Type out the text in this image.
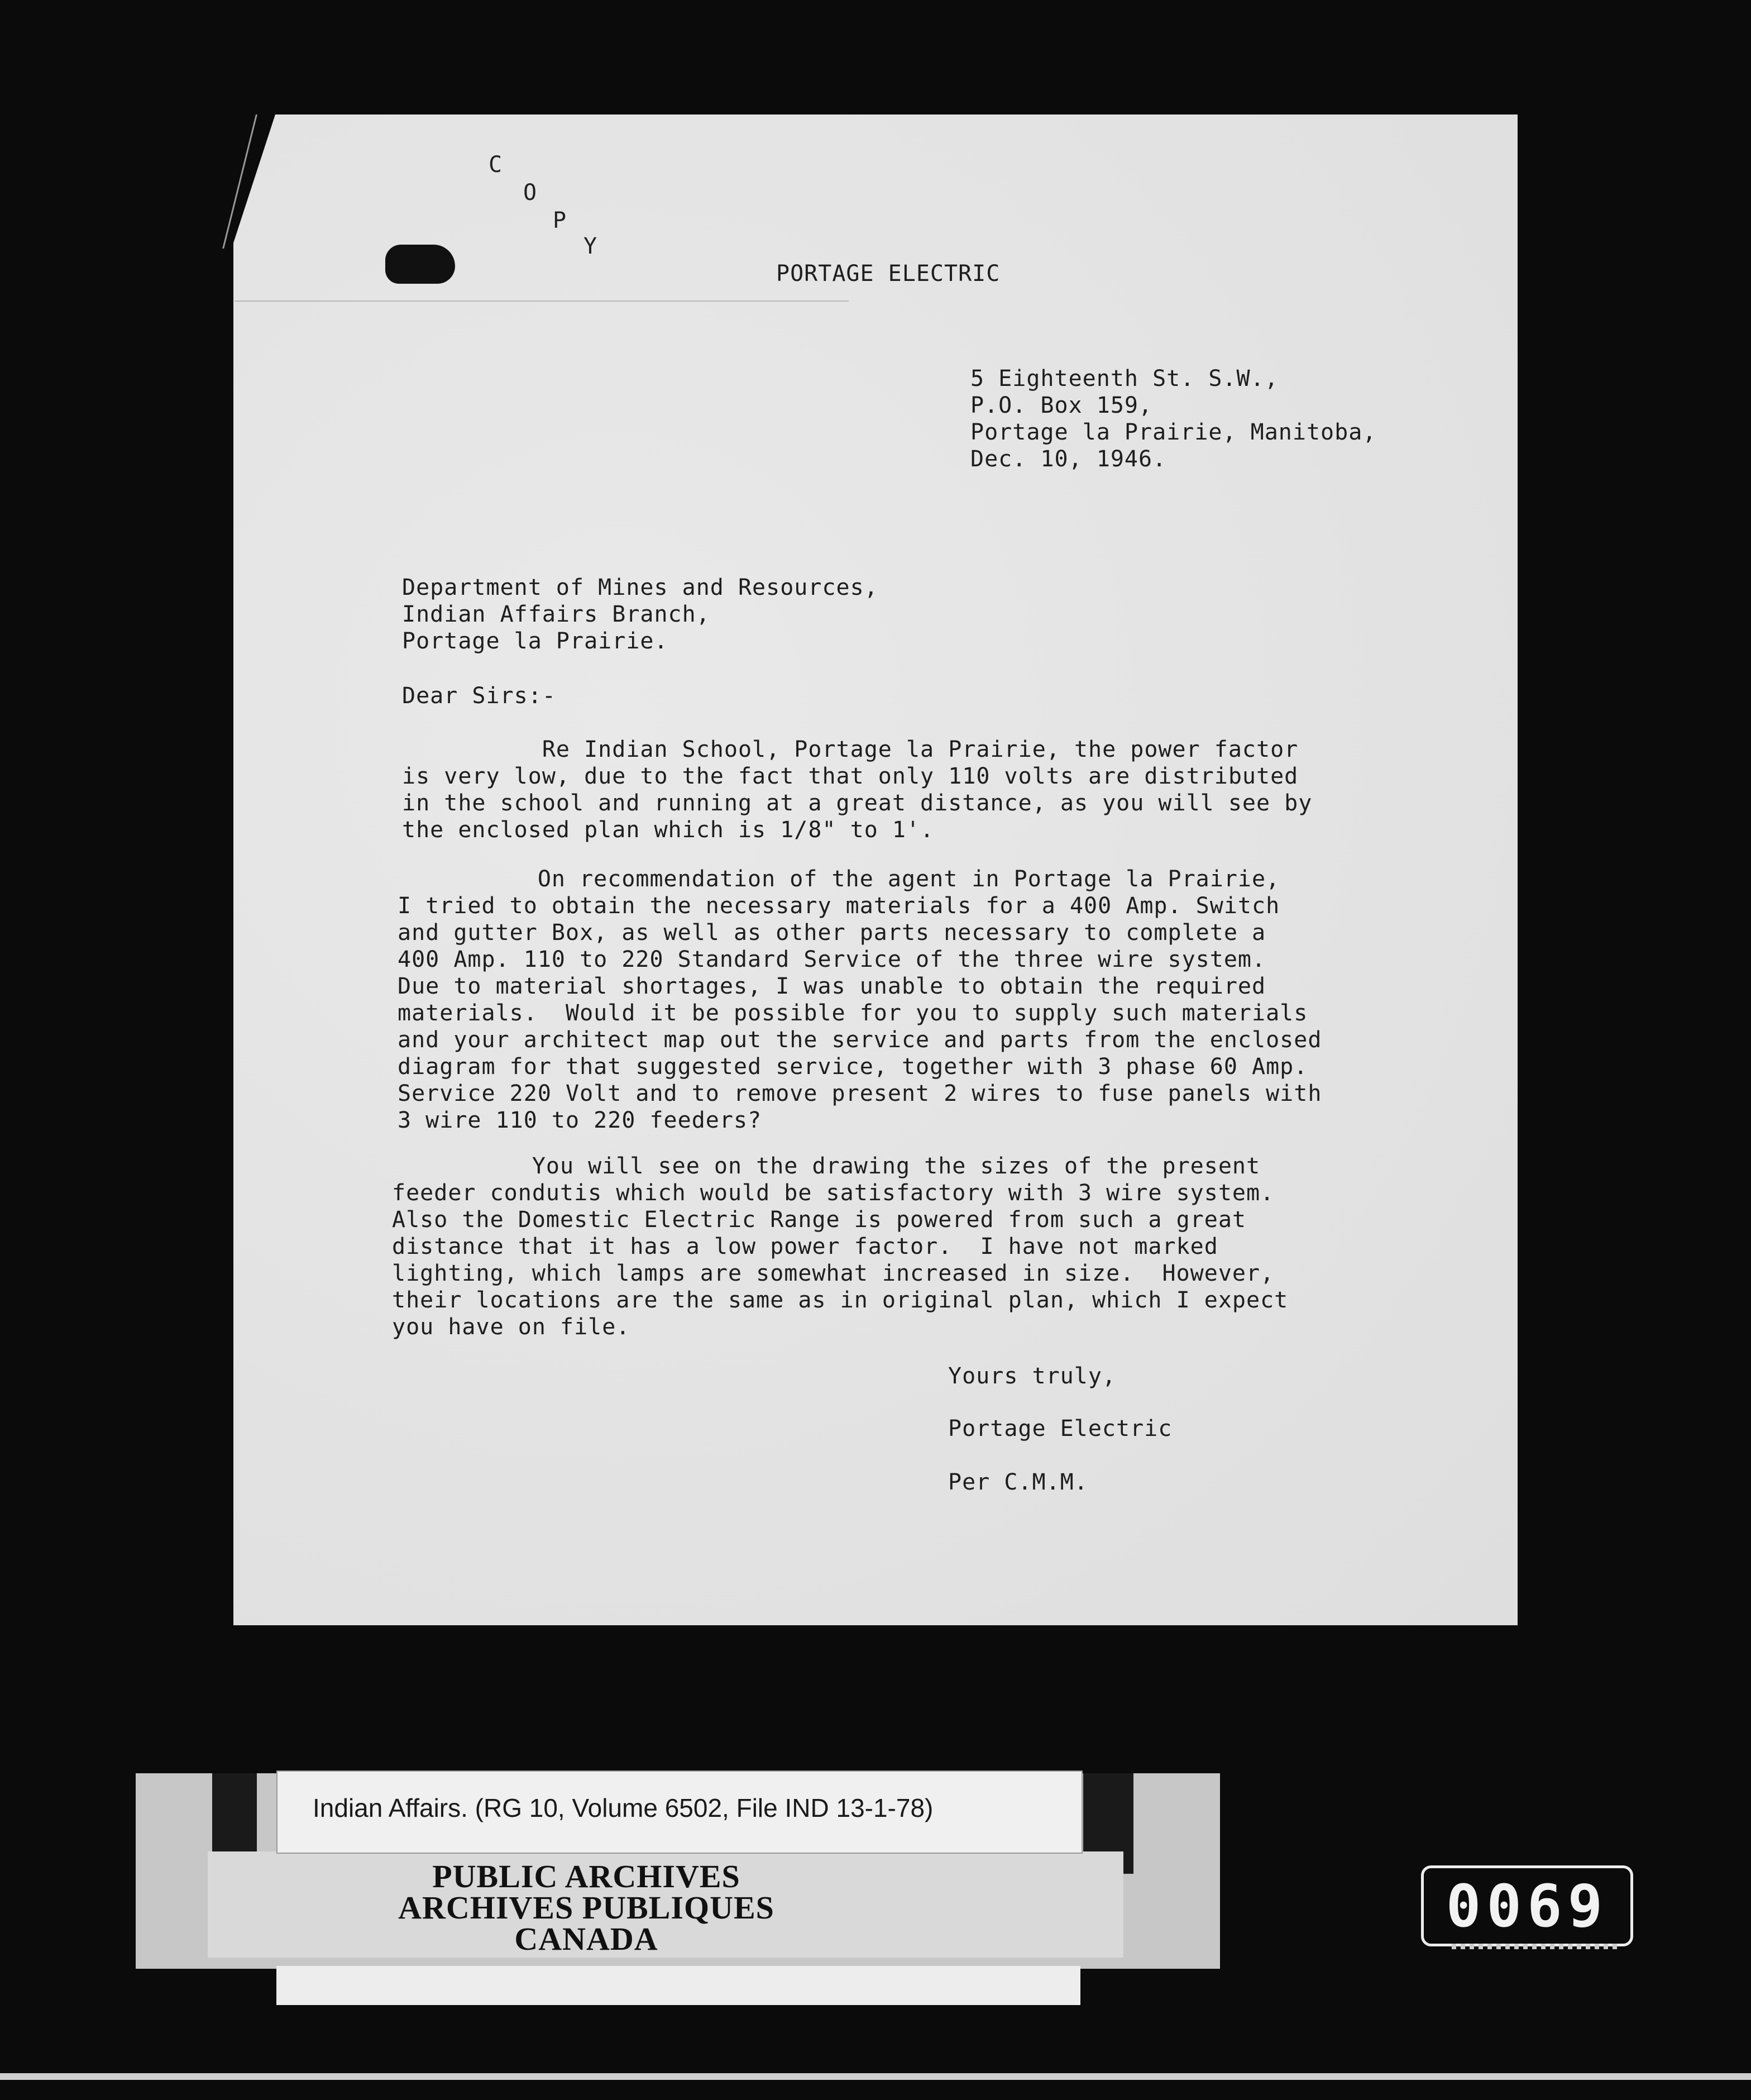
C
O
P
Y
PORTAGE ELECTRIC
5 Eighteenth St. S.W.,
P.O. Box 159,
Portage la Prairie, Manitoba,
Dec. 10, 1946.
Department of Mines and Resources,
Indian Affairs Branch,
Portage la Prairie.
Dear Sirs:-
Re Indian School, Portage la Prairie, the power factor
is very low, due to the fact that only 110 volts are distributed
in the school and running at a great distance, as you will see by
the enclosed plan which is 1/8" to 1'.
On recommendation of the agent in Portage la Prairie,
I tried to obtain the necessary materials for a 400 Amp. Switch
and gutter Box, as well as other parts necessary to complete a
400 Amp. 110 to 220 Standard Service of the three wire system.
Due to material shortages, I was unable to obtain the required
materials.  Would it be possible for you to supply such materials
and your architect map out the service and parts from the enclosed
diagram for that suggested service, together with 3 phase 60 Amp.
Service 220 Volt and to remove present 2 wires to fuse panels with
3 wire 110 to 220 feeders?
You will see on the drawing the sizes of the present
feeder condutis which would be satisfactory with 3 wire system.
Also the Domestic Electric Range is powered from such a great
distance that it has a low power factor.  I have not marked
lighting, which lamps are somewhat increased in size.  However,
their locations are the same as in original plan, which I expect
you have on file.
Yours truly,
Portage Electric
Per C.M.M.
Indian Affairs. (RG 10, Volume 6502, File IND 13-1-78)
PUBLIC ARCHIVES
ARCHIVES PUBLIQUES
CANADA	0069
